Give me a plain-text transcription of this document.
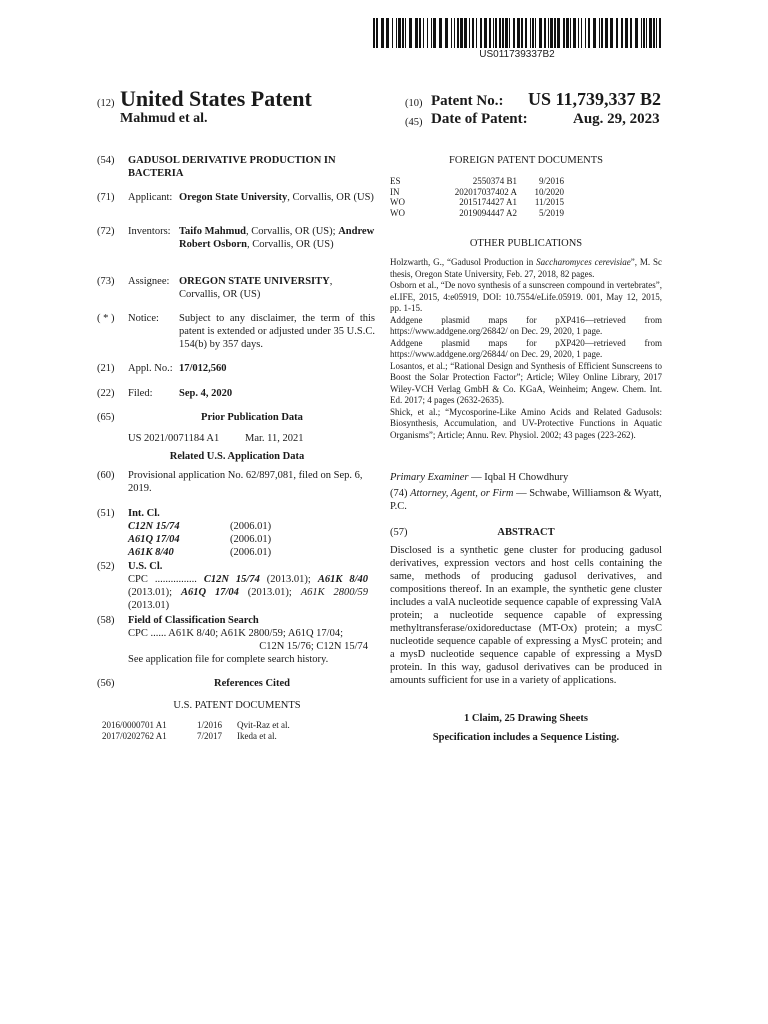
US011739337B2
(12) United States Patent
Mahmud et al.
(10) Patent No.: US 11,739,337 B2
(45) Date of Patent:	Aug. 29, 2023
(54) GADUSOL DERIVATIVE PRODUCTION IN BACTERIA
(71) Applicant: Oregon State University, Corvallis, OR (US)
(72) Inventors: Taifo Mahmud, Corvallis, OR (US); Andrew Robert Osborn, Corvallis, OR (US)
(73) Assignee: OREGON STATE UNIVERSITY, Corvallis, OR (US)
( * ) Notice: Subject to any disclaimer, the term of this patent is extended or adjusted under 35 U.S.C. 154(b) by 357 days.
(21) Appl. No.: 17/012,560
(22) Filed:	Sep. 4, 2020
(65)	Prior Publication Data
US 2021/0071184 A1 Mar. 11, 2021
Related U.S. Application Data
(60) Provisional application No. 62/897,081, filed on Sep. 6, 2019.
(51) Int. Cl.
C12N 15/74	(2006.01)
A61Q 17/04	(2006.01)
A61K 8/40	(2006.01)
(52) U.S. Cl.
CPC ................ C12N 15/74 (2013.01); A61K 8/40 (2013.01); A61Q 17/04 (2013.01); A61K 2800/59 (2013.01)
(58) Field of Classification Search
CPC ...... A61K 8/40; A61K 2800/59; A61Q 17/04;
C12N 15/76; C12N 15/74
See application file for complete search history.
(56)	References Cited
U.S. PATENT DOCUMENTS
2016/0000701 A1	1/2016 Qvit-Raz et al.
2017/0202762 A1	7/2017 Ikeda et al.
FOREIGN PATENT DOCUMENTS
ES	2550374 B1	9/2016
IN	202017037402 A	10/2020
WO	2015174427 A1	11/2015
WO	2019094447 A2	5/2019
OTHER PUBLICATIONS
Holzwarth, G., “Gadusol Production in Saccharomyces cerevisiae”, M. Sc thesis, Oregon State University, Feb. 27, 2018, 82 pages.
Osborn et al., “De novo synthesis of a sunscreen compound in vertebrates”, eLIFE, 2015, 4:e05919, DOI: 10.7554/eLife.05919. 001, May 12, 2015, pp. 1-15.
Addgene plasmid maps for pXP416—retrieved from https://www.addgene.org/26842/ on Dec. 29, 2020, 1 page.
Addgene plasmid maps for pXP420—retrieved from https://www.addgene.org/26844/ on Dec. 29, 2020, 1 page.
Losantos, et al.; “Rational Design and Synthesis of Efficient Sunscreens to Boost the Solar Protection Factor”; Article; Wiley Online Library, 2017 Wiley-VCH Verlag GmbH & Co. KGaA, Weinheim; Angew. Chem. Int. Ed. 2017; 4 pages (2632-2635).
Shick, et al.; “Mycosporine-Like Amino Acids and Related Gadusols: Biosynthesis, Accumulation, and UV-Protective Functions in Aquatic Organisms”; Article; Annu. Rev. Physiol. 2002; 43 pages (223-262).
Primary Examiner — Iqbal H Chowdhury
(74) Attorney, Agent, or Firm — Schwabe, Williamson & Wyatt, P.C.
(57)	ABSTRACT
Disclosed is a synthetic gene cluster for producing gadusol derivatives, expression vectors and host cells containing the same, methods of producing gadusol derivatives, and compositions thereof. In an example, the synthetic gene cluster includes a valA nucleotide sequence capable of expressing ValA protein; a nucleotide sequence capable of expressing methyltransferase/oxidoreductase (MT-Ox) protein; a mysC nucleotide sequence capable of expressing a MysC protein; and a mysD nucleotide sequence capable of expressing a MysD protein. In this way, gadusol derivatives can be produced in amounts sufficient for use in a variety of applications.
1 Claim, 25 Drawing Sheets
Specification includes a Sequence Listing.
